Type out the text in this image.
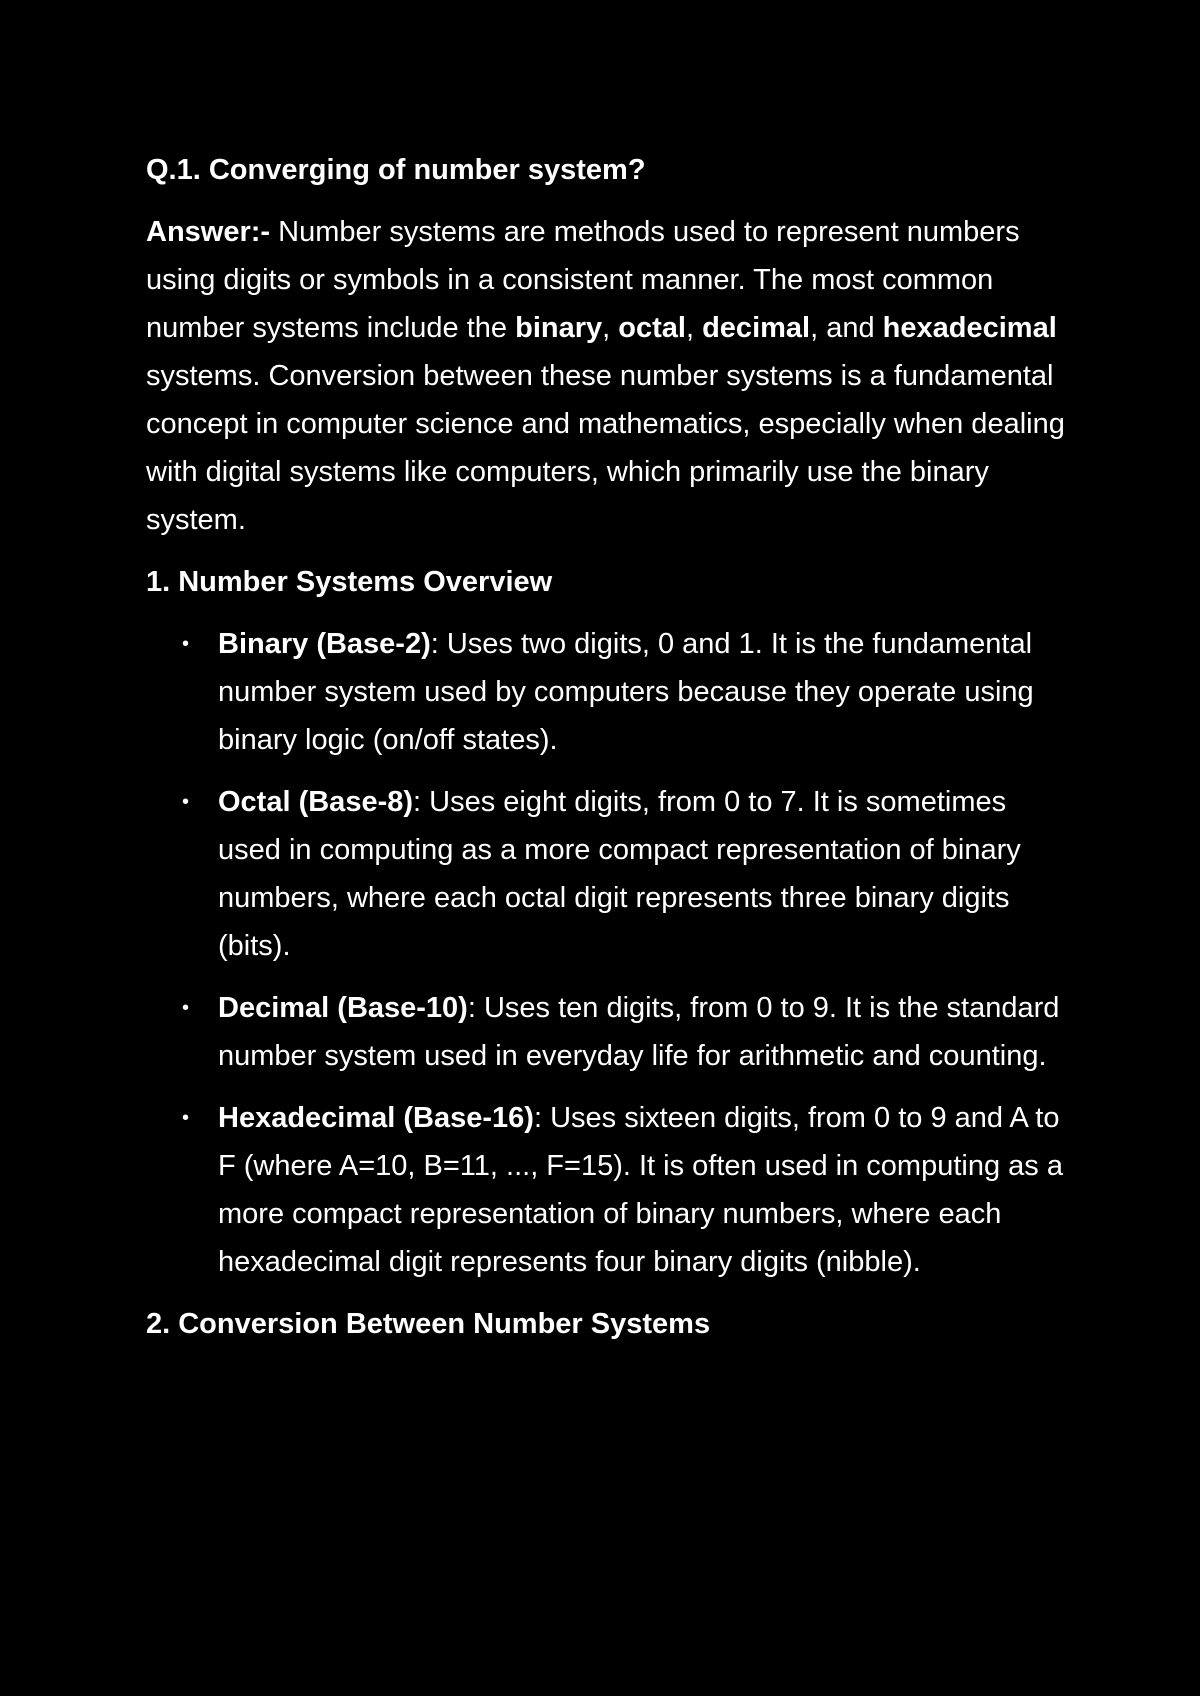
Q.1. Converging of number system?

Answer:- Number systems are methods used to represent numbers using digits or symbols in a consistent manner. The most common number systems include the binary, octal, decimal, and hexadecimal systems. Conversion between these number systems is a fundamental concept in computer science and mathematics, especially when dealing with digital systems like computers, which primarily use the binary system.

1. Number Systems Overview
• Binary (Base-2): Uses two digits, 0 and 1. It is the fundamental number system used by computers because they operate using binary logic (on/off states).
• Octal (Base-8): Uses eight digits, from 0 to 7. It is sometimes used in computing as a more compact representation of binary numbers, where each octal digit represents three binary digits (bits).
• Decimal (Base-10): Uses ten digits, from 0 to 9. It is the standard number system used in everyday life for arithmetic and counting.
• Hexadecimal (Base-16): Uses sixteen digits, from 0 to 9 and A to F (where A=10, B=11, ..., F=15). It is often used in computing as a more compact representation of binary numbers, where each hexadecimal digit represents four binary digits (nibble).
2. Conversion Between Number Systems
